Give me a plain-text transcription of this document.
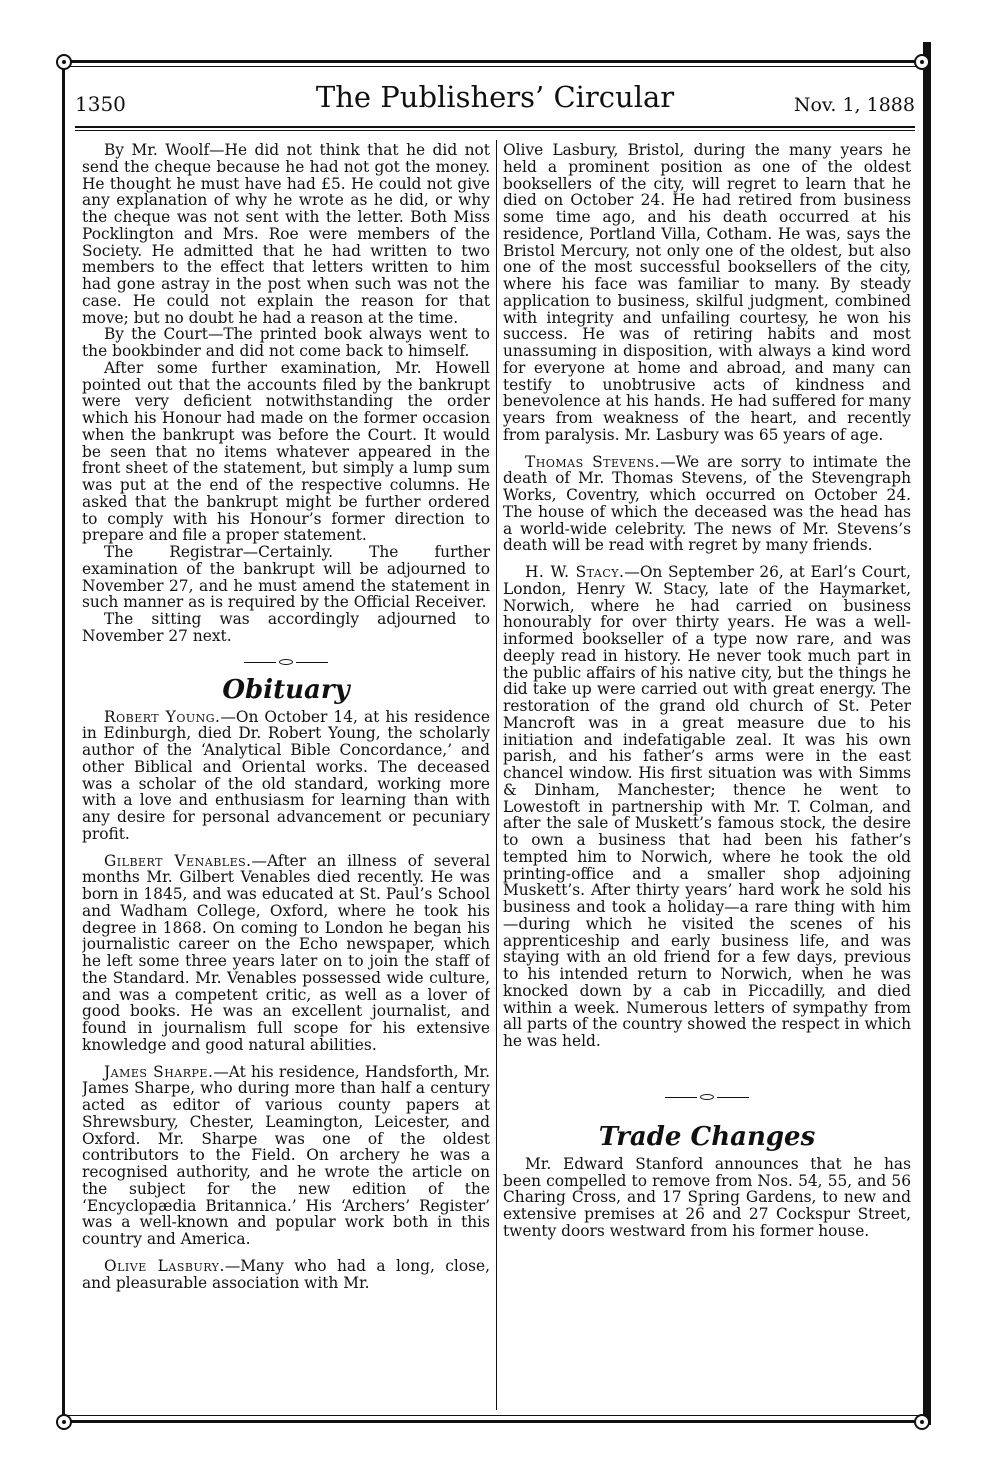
1350	The Publishers’ Circular	Nov. 1, 1888

By Mr. Woolf—He did not think that he did not send the cheque because he had not got the money. He thought he must have had £5. He could not give any explanation of why he wrote as he did, or why the cheque was not sent with the letter. Both Miss Pocklington and Mrs. Roe were members of the Society. He admitted that he had written to two members to the effect that letters written to him had gone astray in the post when such was not the case. He could not explain the reason for that move; but no doubt he had a reason at the time.

By the Court—The printed book always went to the bookbinder and did not come back to himself.

After some further examination, Mr. Howell pointed out that the accounts filed by the bankrupt were very deficient notwithstanding the order which his Honour had made on the former occasion when the bankrupt was before the Court. It would be seen that no items whatever appeared in the front sheet of the statement, but simply a lump sum was put at the end of the respective columns. He asked that the bankrupt might be further ordered to comply with his Honour’s former direction to prepare and file a proper statement.

The Registrar—Certainly. The further examination of the bankrupt will be adjourned to November 27, and he must amend the statement in such manner as is required by the Official Receiver.

The sitting was accordingly adjourned to November 27 next.

Obituary

Robert Young.—On October 14, at his residence in Edinburgh, died Dr. Robert Young, the scholarly author of the ‘Analytical Bible Concordance,’ and other Biblical and Oriental works. The deceased was a scholar of the old standard, working more with a love and enthusiasm for learning than with any desire for personal advancement or pecuniary profit.

Gilbert Venables.—After an illness of several months Mr. Gilbert Venables died recently. He was born in 1845, and was educated at St. Paul’s School and Wadham College, Oxford, where he took his degree in 1868. On coming to London he began his journalistic career on the Echo newspaper, which he left some three years later on to join the staff of the Standard. Mr. Venables possessed wide culture, and was a competent critic, as well as a lover of good books. He was an excellent journalist, and found in journalism full scope for his extensive knowledge and good natural abilities.

James Sharpe.—At his residence, Handsforth, Mr. James Sharpe, who during more than half a century acted as editor of various county papers at Shrewsbury, Chester, Leamington, Leicester, and Oxford. Mr. Sharpe was one of the oldest contributors to the Field. On archery he was a recognised authority, and he wrote the article on the subject for the new edition of the ‘Encyclopædia Britannica.’ His ‘Archers’ Register’ was a well-known and popular work both in this country and America.

Olive Lasbury.—Many who had a long, close, and pleasurable association with Mr.

Olive Lasbury, Bristol, during the many years he held a prominent position as one of the oldest booksellers of the city, will regret to learn that he died on October 24. He had retired from business some time ago, and his death occurred at his residence, Portland Villa, Cotham. He was, says the Bristol Mercury, not only one of the oldest, but also one of the most successful booksellers of the city, where his face was familiar to many. By steady application to business, skilful judgment, combined with integrity and unfailing courtesy, he won his success. He was of retiring habits and most unassuming in disposition, with always a kind word for everyone at home and abroad, and many can testify to unobtrusive acts of kindness and benevolence at his hands. He had suffered for many years from weakness of the heart, and recently from paralysis. Mr. Lasbury was 65 years of age.

Thomas Stevens.—We are sorry to intimate the death of Mr. Thomas Stevens, of the Stevengraph Works, Coventry, which occurred on October 24. The house of which the deceased was the head has a world-wide celebrity. The news of Mr. Stevens’s death will be read with regret by many friends.

H. W. Stacy.—On September 26, at Earl’s Court, London, Henry W. Stacy, late of the Haymarket, Norwich, where he had carried on business honourably for over thirty years. He was a well-informed bookseller of a type now rare, and was deeply read in history. He never took much part in the public affairs of his native city, but the things he did take up were carried out with great energy. The restoration of the grand old church of St. Peter Mancroft was in a great measure due to his initiation and indefatigable zeal. It was his own parish, and his father’s arms were in the east chancel window. His first situation was with Simms & Dinham, Manchester; thence he went to Lowestoft in partnership with Mr. T. Colman, and after the sale of Muskett’s famous stock, the desire to own a business that had been his father’s tempted him to Norwich, where he took the old printing-office and a smaller shop adjoining Muskett’s. After thirty years’ hard work he sold his business and took a holiday—a rare thing with him—during which he visited the scenes of his apprenticeship and early business life, and was staying with an old friend for a few days, previous to his intended return to Norwich, when he was knocked down by a cab in Piccadilly, and died within a week. Numerous letters of sympathy from all parts of the country showed the respect in which he was held.

Trade Changes

Mr. Edward Stanford announces that he has been compelled to remove from Nos. 54, 55, and 56 Charing Cross, and 17 Spring Gardens, to new and extensive premises at 26 and 27 Cockspur Street, twenty doors westward from his former house.
